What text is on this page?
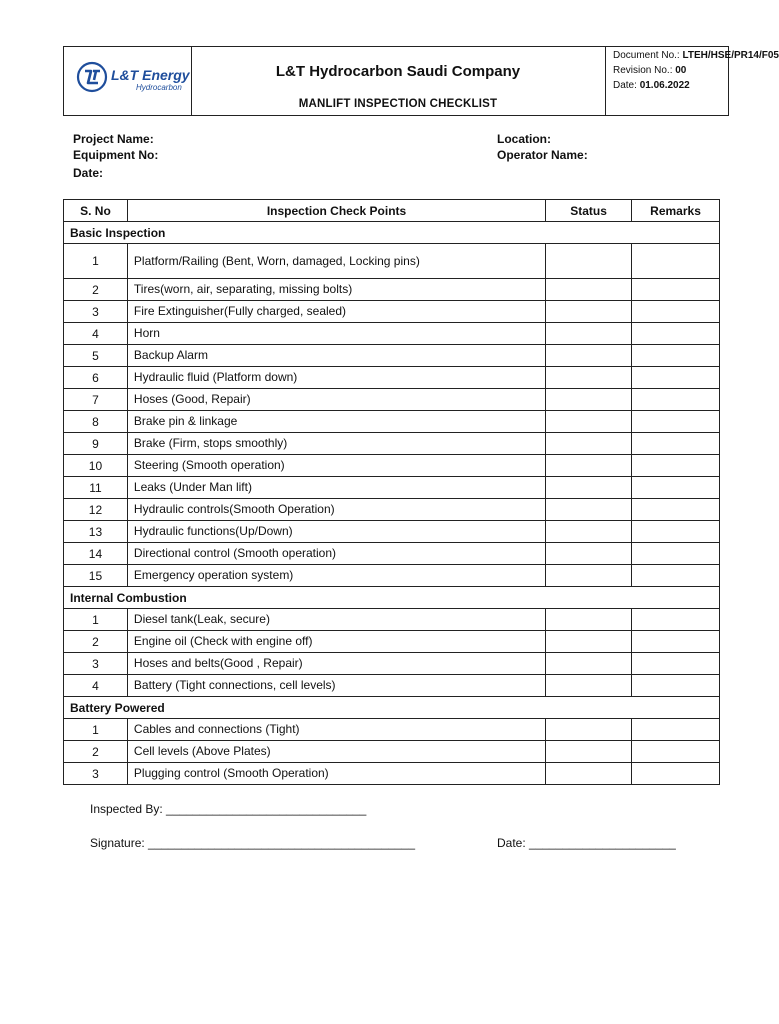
L&T Energy
Hydrocarbon
L&T Hydrocarbon Saudi Company
MANLIFT INSPECTION CHECKLIST
Document No.: LTEH/HSE/PR14/F05
Revision No.: 00
Date: 01.06.2022
Project Name:
Equipment No:
Date:
Location:
Operator Name:
S. No	Inspection Check Points	Status	Remarks
Basic Inspection			
1	Platform/Railing (Bent, Worn, damaged, Locking pins)		
2	Tires(worn, air, separating, missing bolts)		
3	Fire Extinguisher(Fully charged, sealed)		
4	Horn		
5	Backup Alarm		
6	Hydraulic fluid (Platform down)		
7	Hoses (Good, Repair)		
8	Brake pin & linkage		
9	Brake (Firm, stops smoothly)		
10	Steering (Smooth operation)		
11	Leaks (Under Man lift)		
12	Hydraulic controls(Smooth Operation)		
13	Hydraulic functions(Up/Down)		
14	Directional control (Smooth operation)		
15	Emergency operation system)		
Internal Combustion			
1	Diesel tank(Leak, secure)		
2	Engine oil (Check with engine off)		
3	Hoses and belts(Good , Repair)		
4	Battery (Tight connections, cell levels)		
Battery Powered			
1	Cables and connections (Tight)		
2	Cell levels (Above Plates)		
3	Plugging control (Smooth Operation)		
Inspected By: ______________________________
Signature: ________________________________________	Date: ______________________
